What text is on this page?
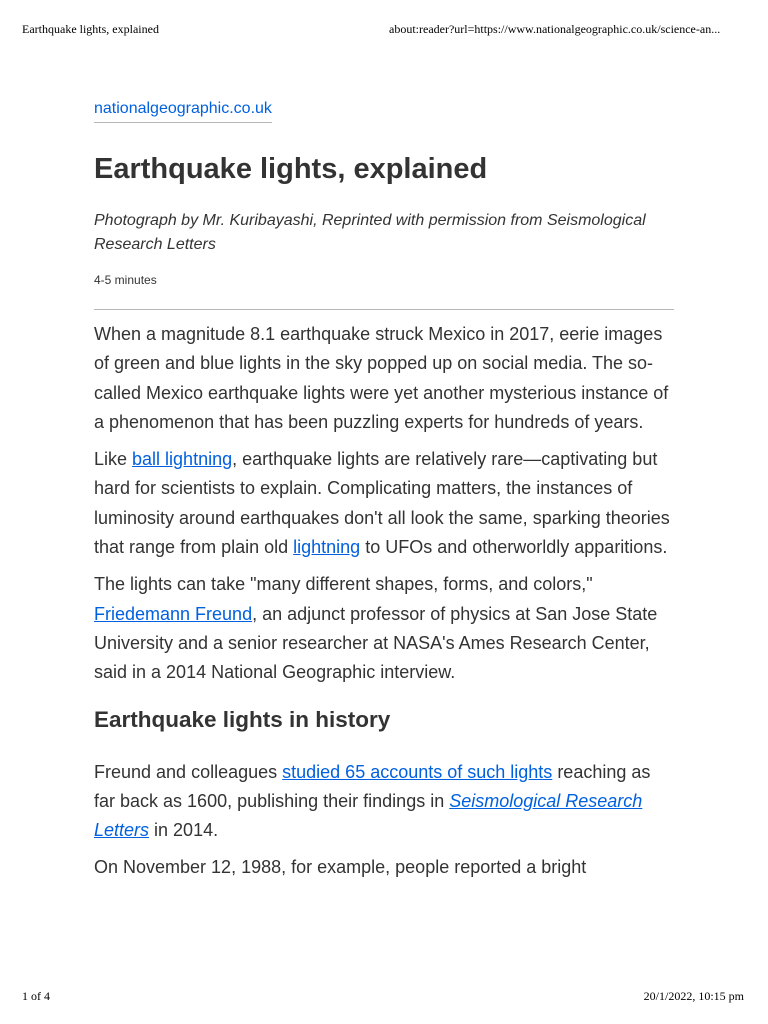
Earthquake lights, explained	about:reader?url=https://www.nationalgeographic.co.uk/science-an...
nationalgeographic.co.uk
Earthquake lights, explained
Photograph by Mr. Kuribayashi, Reprinted with permission from Seismological Research Letters
4-5 minutes

When a magnitude 8.1 earthquake struck Mexico in 2017, eerie images of green and blue lights in the sky popped up on social media. The so-called Mexico earthquake lights were yet another mysterious instance of a phenomenon that has been puzzling experts for hundreds of years.

Like ball lightning, earthquake lights are relatively rare—captivating but hard for scientists to explain. Complicating matters, the instances of luminosity around earthquakes don't all look the same, sparking theories that range from plain old lightning to UFOs and otherworldly apparitions.

The lights can take "many different shapes, forms, and colors," Friedemann Freund, an adjunct professor of physics at San Jose State University and a senior researcher at NASA's Ames Research Center, said in a 2014 National Geographic interview.

Earthquake lights in history

Freund and colleagues studied 65 accounts of such lights reaching as far back as 1600, publishing their findings in Seismological Research Letters in 2014.

On November 12, 1988, for example, people reported a bright

1 of 4	20/1/2022, 10:15 pm
